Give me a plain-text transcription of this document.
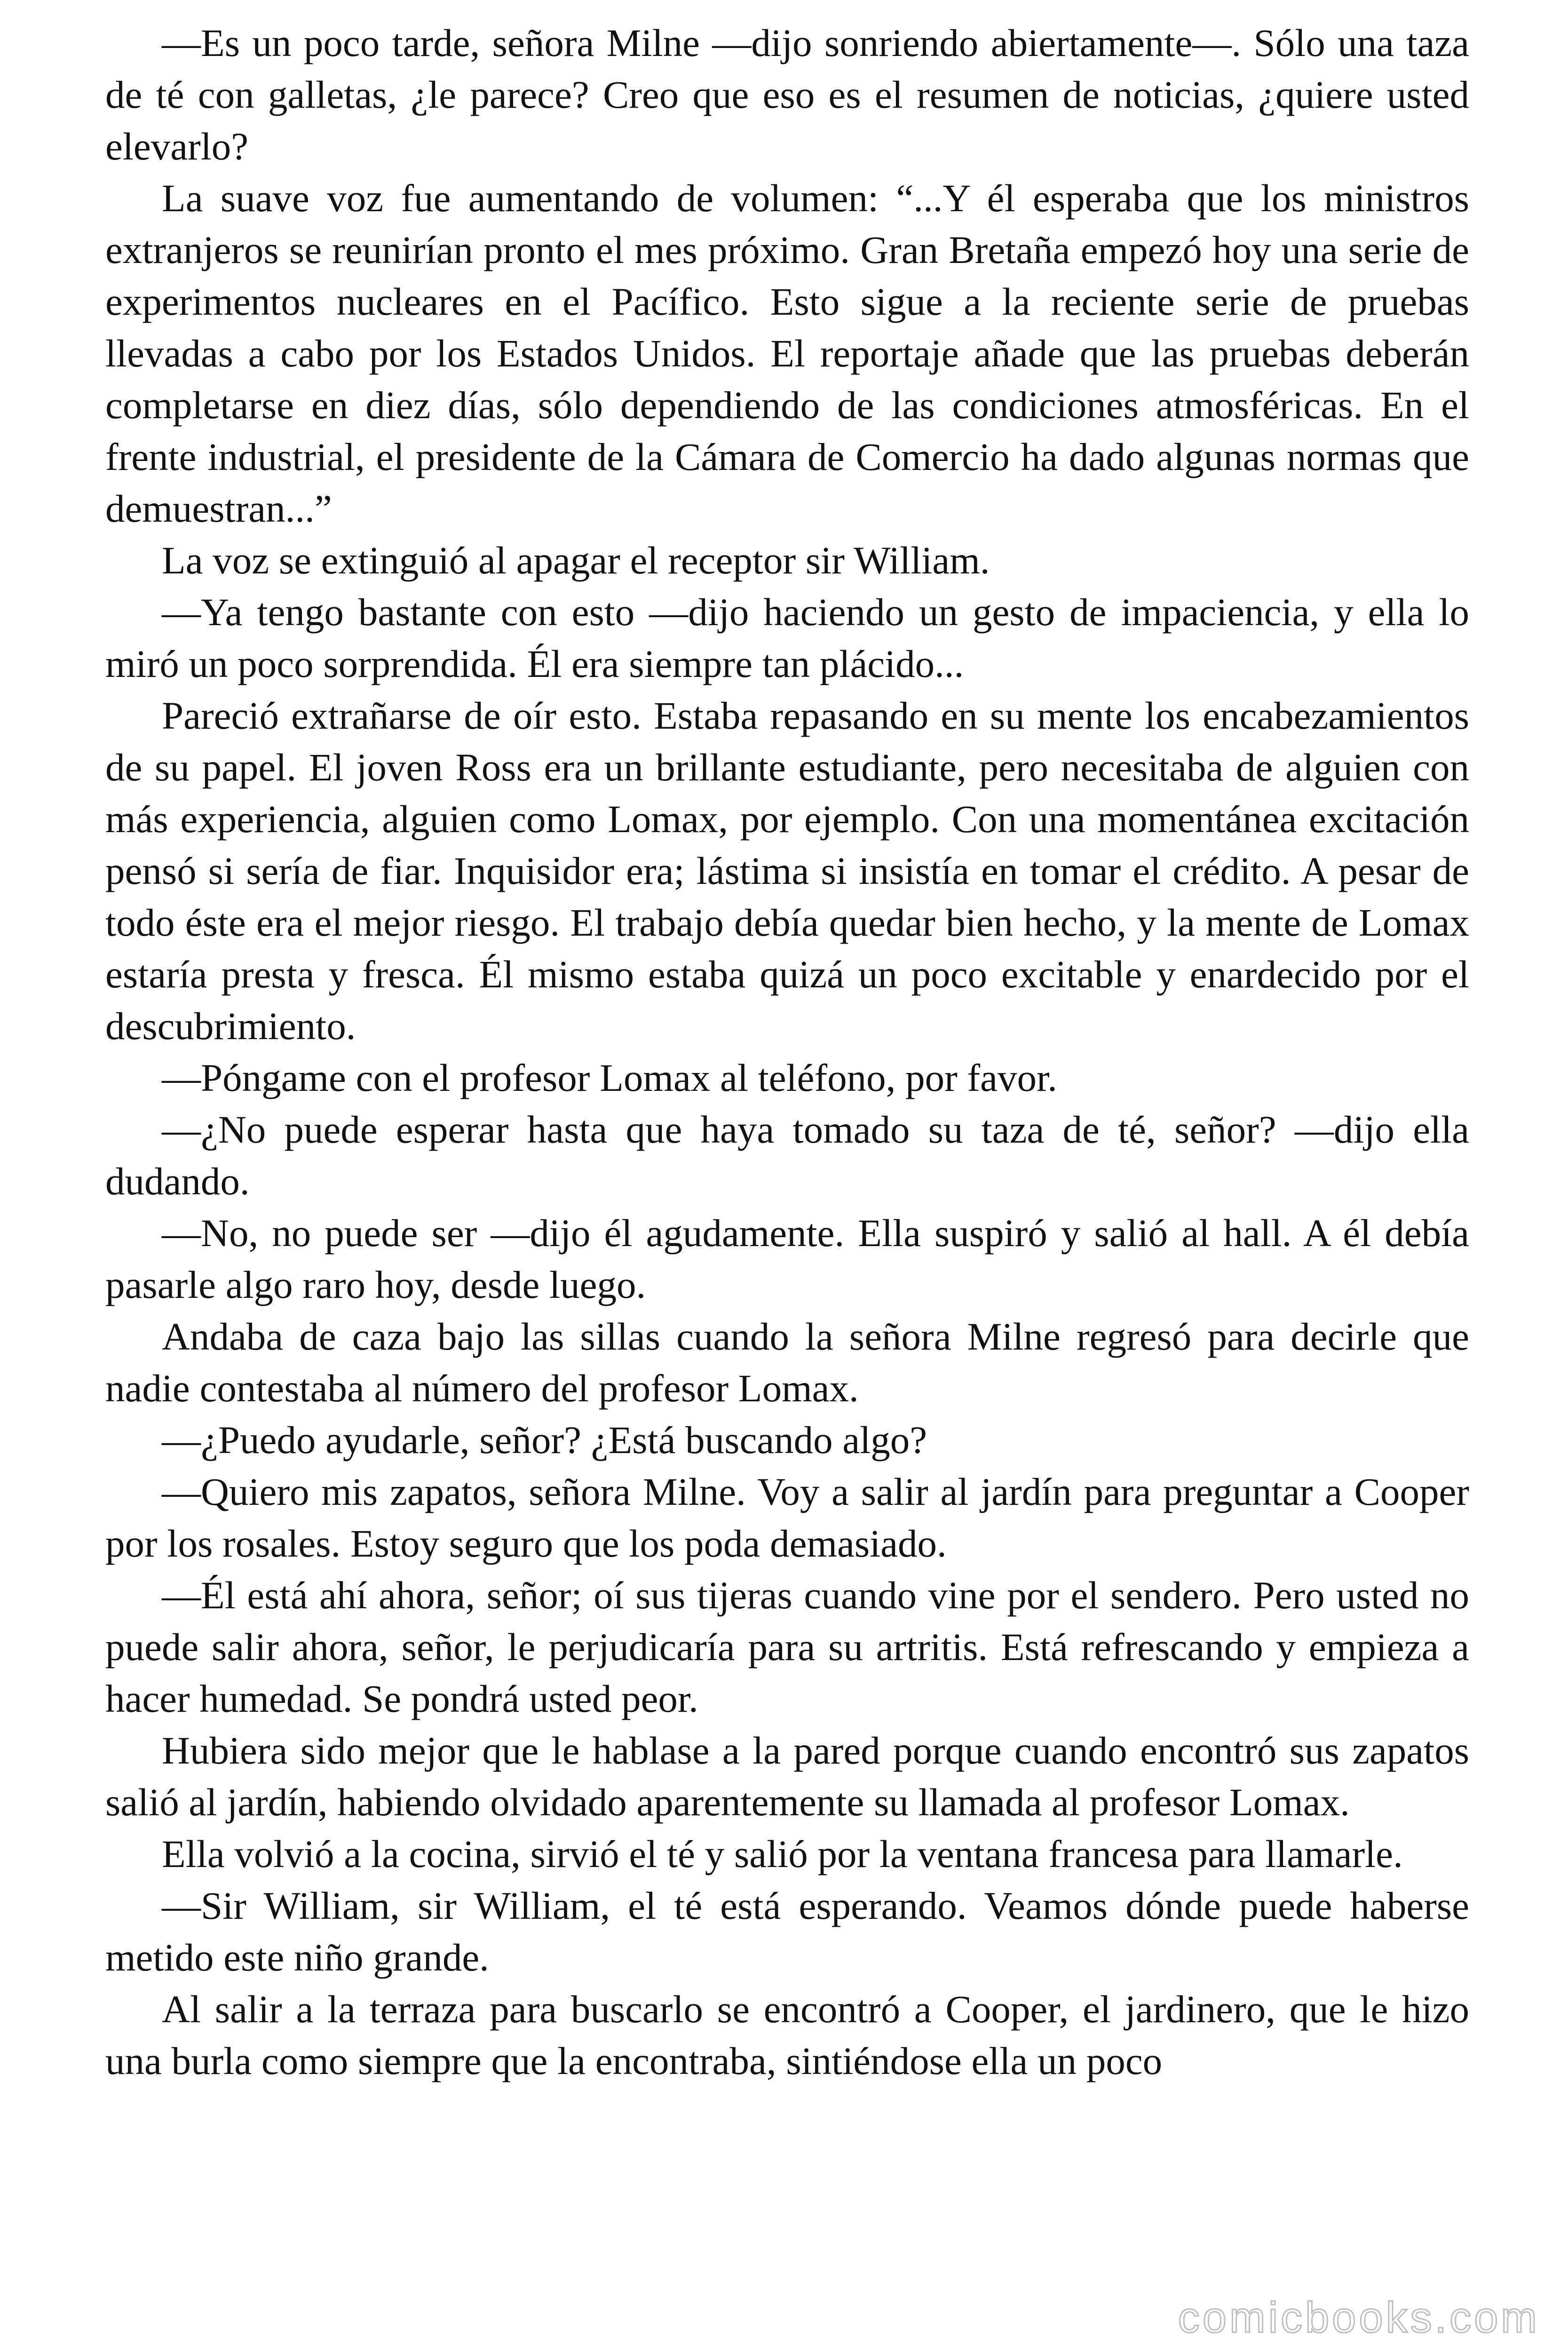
—Es un poco tarde, señora Milne —dijo sonriendo abiertamente—. Sólo una taza de té con galletas, ¿le parece? Creo que eso es el resumen de noticias, ¿quiere usted elevarlo?

La suave voz fue aumentando de volumen: “...Y él esperaba que los ministros extranjeros se reunirían pronto el mes próximo. Gran Bretaña empezó hoy una serie de experimentos nucleares en el Pacífico. Esto sigue a la reciente serie de pruebas llevadas a cabo por los Estados Unidos. El reportaje añade que las pruebas deberán completarse en diez días, sólo dependiendo de las condiciones atmosféricas. En el frente industrial, el presidente de la Cámara de Comercio ha dado algunas normas que demuestran...”

La voz se extinguió al apagar el receptor sir William.

—Ya tengo bastante con esto —dijo haciendo un gesto de impaciencia, y ella lo miró un poco sorprendida. Él era siempre tan plácido...

Pareció extrañarse de oír esto. Estaba repasando en su mente los encabezamientos de su papel. El joven Ross era un brillante estudiante, pero necesitaba de alguien con más experiencia, alguien como Lomax, por ejemplo. Con una momentánea excitación pensó si sería de fiar. Inquisidor era; lástima si insistía en tomar el crédito. A pesar de todo éste era el mejor riesgo. El trabajo debía quedar bien hecho, y la mente de Lomax estaría presta y fresca. Él mismo estaba quizá un poco excitable y enardecido por el descubrimiento.

—Póngame con el profesor Lomax al teléfono, por favor.

—¿No puede esperar hasta que haya tomado su taza de té, señor? —dijo ella dudando.

—No, no puede ser —dijo él agudamente. Ella suspiró y salió al hall. A él debía pasarle algo raro hoy, desde luego.

Andaba de caza bajo las sillas cuando la señora Milne regresó para decirle que nadie contestaba al número del profesor Lomax.

—¿Puedo ayudarle, señor? ¿Está buscando algo?

—Quiero mis zapatos, señora Milne. Voy a salir al jardín para preguntar a Cooper por los rosales. Estoy seguro que los poda demasiado.

—Él está ahí ahora, señor; oí sus tijeras cuando vine por el sendero. Pero usted no puede salir ahora, señor, le perjudicaría para su artritis. Está refrescando y empieza a hacer humedad. Se pondrá usted peor.

Hubiera sido mejor que le hablase a la pared porque cuando encontró sus zapatos salió al jardín, habiendo olvidado aparentemente su llamada al profesor Lomax.

Ella volvió a la cocina, sirvió el té y salió por la ventana francesa para llamarle.

—Sir William, sir William, el té está esperando. Veamos dónde puede haberse metido este niño grande.

Al salir a la terraza para buscarlo se encontró a Cooper, el jardinero, que le hizo una burla como siempre que la encontraba, sintiéndose ella un poco

comicbooks.com
